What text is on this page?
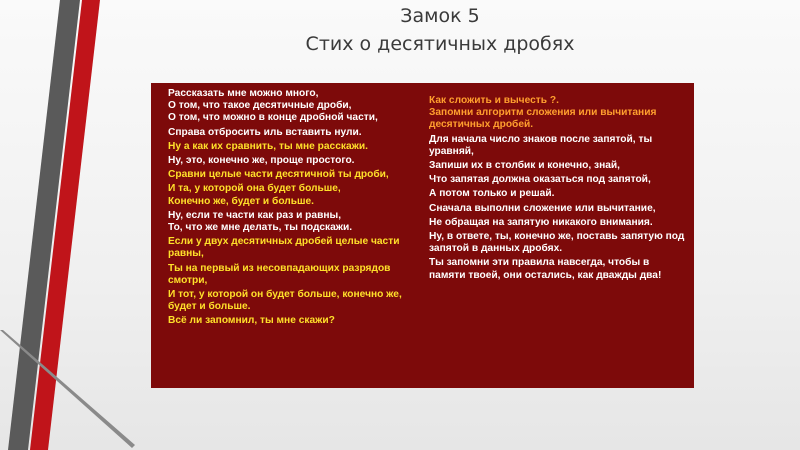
Замок 5
Стих о десятичных дробях
Рассказать мне можно много,
О том, что такое десятичные дроби,
О том, что можно в конце дробной части,
Справа отбросить иль вставить нули.
Ну а как их сравнить, ты мне расскажи.
Ну, это, конечно же, проще простого.
Сравни целые части десятичной ты дроби,
И та, у которой она будет больше,
Конечно же, будет и больше.
Ну, если те части как раз и равны,
То, что же мне делать, ты подскажи.
Если у двух десятичных дробей целые части равны,
Ты на первый из несовпадающих разрядов смотри,
И тот, у которой он будет больше, конечно же, будет и больше.
Всё ли запомнил, ты мне скажи?
Как сложить и вычесть ?.
Запомни алгоритм сложения или вычитания десятичных дробей.
Для начала число знаков после запятой, ты уравняй,
Запиши их в столбик и конечно, знай,
Что запятая должна оказаться под запятой,
А потом только и решай.
Сначала выполни сложение или вычитание,
Не обращая на запятую никакого внимания.
Ну, в ответе, ты, конечно же, поставь запятую под запятой в данных дробях.
Ты запомни эти правила навсегда, чтобы в памяти твоей, они остались, как дважды два!
